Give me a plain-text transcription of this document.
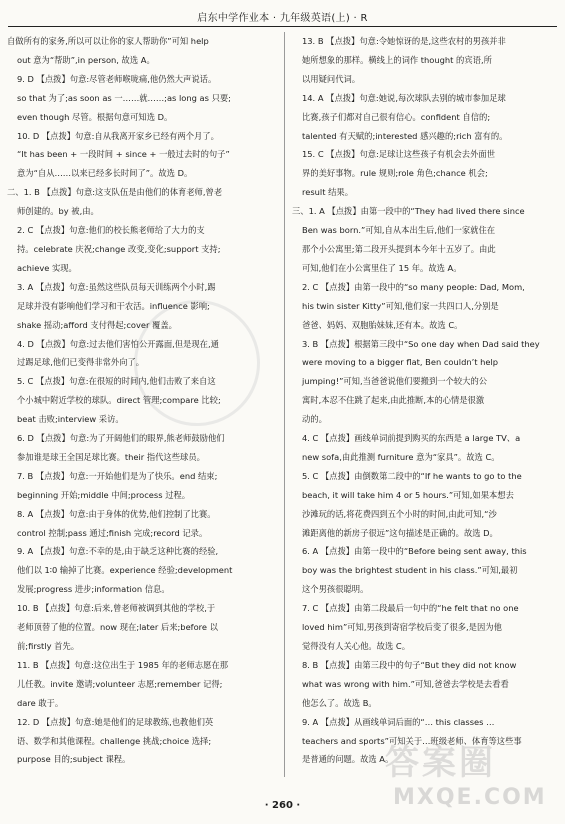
启东中学作业本 · 九年级英语(上) · R
自做所有的家务,所以可以让你的家人帮助你”可知 help
out 意为“帮助”,in person, 故选 A。
9. D 【点拨】句意:尽管老师喉咙痛,他仍然大声说话。
so that 为了;as soon as 一……就……;as long as 只要;
even though 尽管。根据句意可知选 D。
10. D 【点拨】句意:自从我离开家乡已经有两个月了。
“It has been + 一段时间 + since + 一般过去时的句子”
意为“自从……以来已经多长时间了”。故选 D。
二、1. B 【点拨】句意:这支队伍是由他们的体育老师,曾老
师创建的。by 被,由。
2. C 【点拨】句意:他们的校长熊老师给了大力的支
持。celebrate 庆祝;change 改变,变化;support 支持;
achieve 实现。
3. A 【点拨】句意:虽然这些队员每天训练两个小时,踢
足球并没有影响他们学习和干农活。influence 影响;
shake 摇动;afford 支付得起;cover 覆盖。
4. D 【点拨】句意:过去他们害怕公开露面,但是现在,通
过踢足球,他们已变得非常外向了。
5. C 【点拨】句意:在很短的时间内,他们击败了来自这
个小城中附近学校的球队。direct 管理;compare 比较;
beat 击败;interview 采访。
6. D 【点拨】句意:为了开阔他们的眼界,熊老师鼓励他们
参加谁是球王全国足球比赛。their 指代这些球员。
7. B 【点拨】句意:一开始他们是为了快乐。end 结束;
beginning 开始;middle 中间;process 过程。
8. A 【点拨】句意:由于身体的优势,他们控制了比赛。
control 控制;pass 通过;finish 完成;record 记录。
9. A 【点拨】句意:不幸的是,由于缺乏这种比赛的经验,
他们以 1∶0 输掉了比赛。experience 经验;development
发展;progress 进步;information 信息。
10. B 【点拨】句意:后来,曾老师被调到其他的学校,于
老师顶替了他的位置。now 现在;later 后来;before 以
前;firstly 首先。
11. B 【点拨】句意:这位出生于 1985 年的老师志愿在那
儿任教。invite 邀请;volunteer 志愿;remember 记得;
dare 敢于。
12. D 【点拨】句意:她是他们的足球教练,也教他们英
语、数学和其他课程。challenge 挑战;choice 选择;
purpose 目的;subject 课程。
13. B 【点拨】句意:令她惊讶的是,这些农村的男孩并非
她所想象的那样。横线上的词作 thought 的宾语,所
以用疑问代词。
14. A 【点拨】句意:她说,每次球队去别的城市参加足球
比赛,孩子们都对自己很有信心。confident 自信的;
talented 有天赋的;interested 感兴趣的;rich 富有的。
15. C 【点拨】句意:足球让这些孩子有机会去外面世
界的美好事物。rule 规则;role 角色;chance 机会;
result 结果。
三、1. A 【点拨】由第一段中的“They had lived there since
Ben was born.”可知,自从本出生后,他们一家就住在
那个小公寓里;第二段开头提到本今年十五岁了。由此
可知,他们在小公寓里住了 15 年。故选 A。
2. C 【点拨】由第一段中的“so many people: Dad, Mom,
his twin sister Kitty”可知,他们家一共四口人,分别是
爸爸、妈妈、双胞胎妹妹,还有本。故选 C。
3. B 【点拨】根据第三段中“So one day when Dad said they
were moving to a bigger flat, Ben couldn’t help
jumping!”可知,当爸爸说他们要搬到一个较大的公
寓时,本忍不住跳了起来,由此推断,本的心情是很激
动的。
4. C 【点拨】画线单词前提到购买的东西是 a large TV、a
new sofa,由此推测 furniture 意为“家具”。故选 C。
5. C 【点拨】由倒数第二段中的“If he wants to go to the
beach, it will take him 4 or 5 hours.”可知,如果本想去
沙滩玩的话,将花费四到五个小时的时间,由此可知,“沙
滩距离他的新房子很远”这句描述是正确的。故选 D。
6. A 【点拨】由第一段中的“Before being sent away, this
boy was the brightest student in his class.”可知,最初
这个男孩很聪明。
7. C 【点拨】由第二段最后一句中的“he felt that no one
loved him”可知,男孩到寄宿学校后变了很多,是因为他
觉得没有人关心他。故选 C。
8. B 【点拨】由第三段中的句子“But they did not know
what was wrong with him.”可知,爸爸去学校是去看看
他怎么了。故选 B。
9. A 【点拨】从画线单词后面的“… this classes …
teachers and sports”可知关于…班级老师、体育等这些事
是普通的问题。故选 A。
· 260 ·
答案圈
MXQE.COM
